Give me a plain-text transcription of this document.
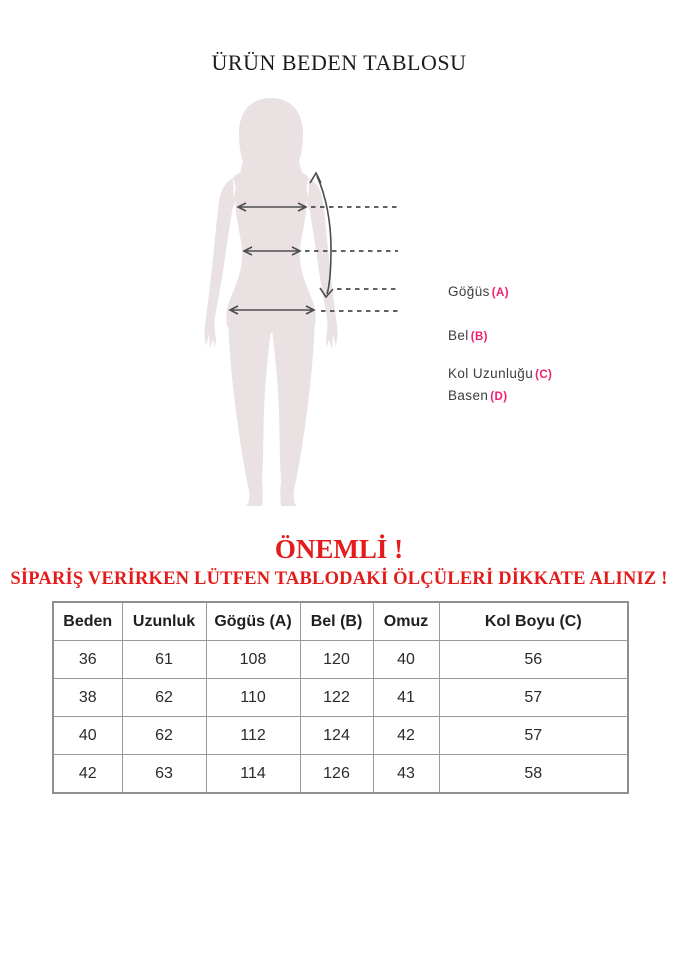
ÜRÜN BEDEN TABLOSU
Göğüs (A)
Bel (B)
Kol Uzunluğu (C)
Basen (D)
ÖNEMLİ !
SİPARİŞ VERİRKEN LÜTFEN TABLODAKİ ÖLÇÜLERİ DİKKATE ALINIZ !
Beden	Uzunluk	Gögüs (A)	Bel (B)	Omuz	Kol Boyu (C)
36	61	108	120	40	56
38	62	110	122	41	57
40	62	112	124	42	57
42	63	114	126	43	58
